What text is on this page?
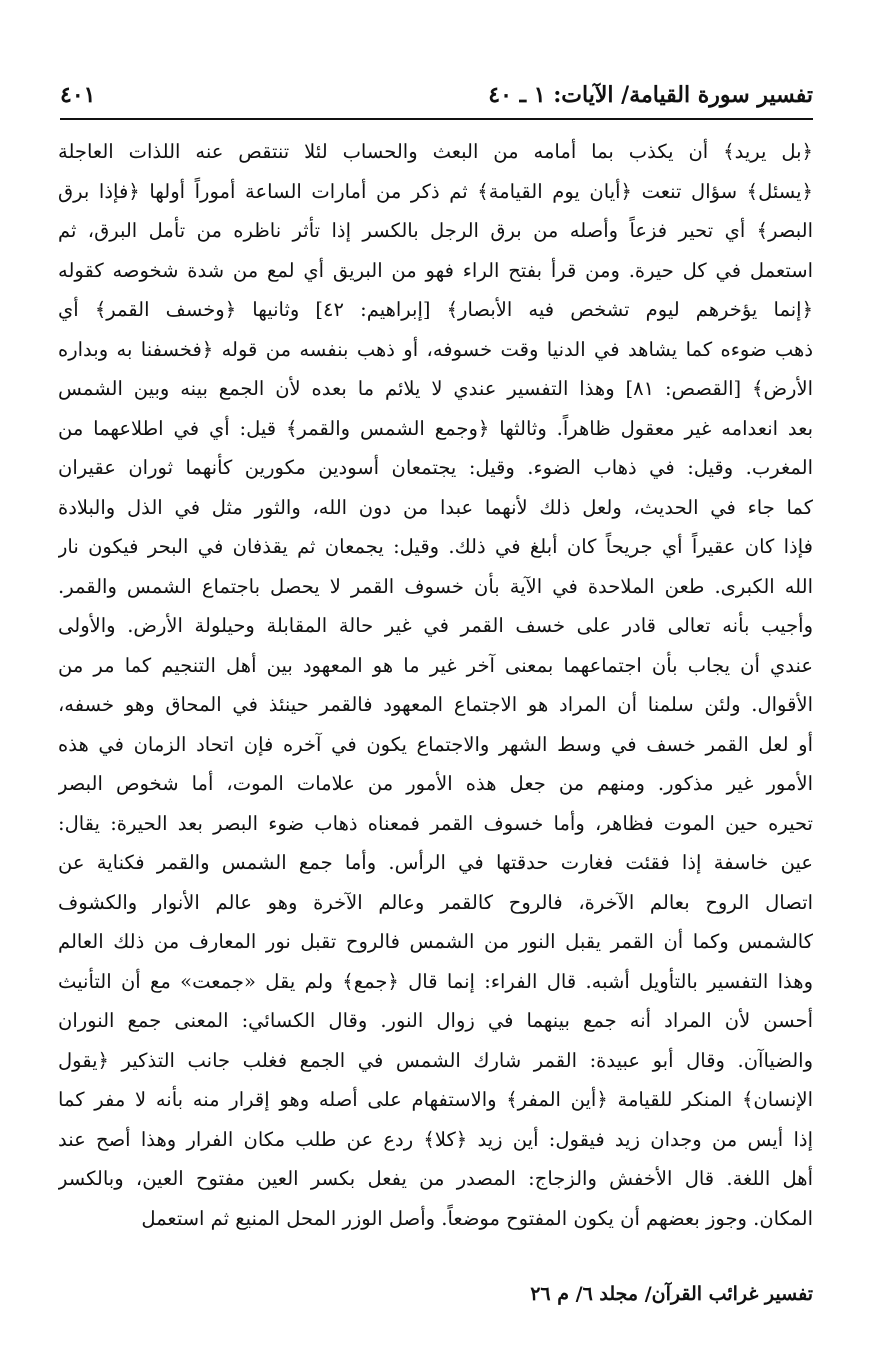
تفسير سورة القيامة/ الآيات: ١ ـ ٤٠
٤٠١
﴿بل يريد﴾ أن يكذب بما أمامه من البعث والحساب لئلا تنتقص عنه اللذات العاجلة
﴿يسئل﴾ سؤال تنعت ﴿أيان يوم القيامة﴾ ثم ذكر من أمارات الساعة أموراً أولها ﴿فإذا برق
البصر﴾ أي تحير فزعاً وأصله من برق الرجل بالكسر إذا تأثر ناظره من تأمل البرق، ثم
استعمل في كل حيرة. ومن قرأ بفتح الراء فهو من البريق أي لمع من شدة شخوصه كقوله
﴿إنما يؤخرهم ليوم تشخص فيه الأبصار﴾ [إبراهيم: ٤٢] وثانيها ﴿وخسف القمر﴾ أي
ذهب ضوءه كما يشاهد في الدنيا وقت خسوفه، أو ذهب بنفسه من قوله ﴿فخسفنا به وبداره
الأرض﴾ [القصص: ٨١] وهذا التفسير عندي لا يلائم ما بعده لأن الجمع بينه وبين الشمس
بعد انعدامه غير معقول ظاهراً. وثالثها ﴿وجمع الشمس والقمر﴾ قيل: أي في اطلاعهما من
المغرب. وقيل: في ذهاب الضوء. وقيل: يجتمعان أسودين مكورين كأنهما ثوران عقيران
كما جاء في الحديث، ولعل ذلك لأنهما عبدا من دون الله، والثور مثل في الذل والبلادة
فإذا كان عقيراً أي جريحاً كان أبلغ في ذلك. وقيل: يجمعان ثم يقذفان في البحر فيكون نار
الله الكبرى. طعن الملاحدة في الآية بأن خسوف القمر لا يحصل باجتماع الشمس والقمر.
وأجيب بأنه تعالى قادر على خسف القمر في غير حالة المقابلة وحيلولة الأرض. والأولى
عندي أن يجاب بأن اجتماعهما بمعنى آخر غير ما هو المعهود بين أهل التنجيم كما مر من
الأقوال. ولئن سلمنا أن المراد هو الاجتماع المعهود فالقمر حينئذ في المحاق وهو خسفه،
أو لعل القمر خسف في وسط الشهر والاجتماع يكون في آخره فإن اتحاد الزمان في هذه
الأمور غير مذكور. ومنهم من جعل هذه الأمور من علامات الموت، أما شخوص البصر
تحيره حين الموت فظاهر، وأما خسوف القمر فمعناه ذهاب ضوء البصر بعد الحيرة: يقال:
عين خاسفة إذا فقئت فغارت حدقتها في الرأس. وأما جمع الشمس والقمر فكناية عن
اتصال الروح بعالم الآخرة، فالروح كالقمر وعالم الآخرة وهو عالم الأنوار والكشوف
كالشمس وكما أن القمر يقبل النور من الشمس فالروح تقبل نور المعارف من ذلك العالم
وهذا التفسير بالتأويل أشبه. قال الفراء: إنما قال ﴿جمع﴾ ولم يقل «جمعت» مع أن التأنيث
أحسن لأن المراد أنه جمع بينهما في زوال النور. وقال الكسائي: المعنى جمع النوران
والضياآن. وقال أبو عبيدة: القمر شارك الشمس في الجمع فغلب جانب التذكير ﴿يقول
الإنسان﴾ المنكر للقيامة ﴿أين المفر﴾ والاستفهام على أصله وهو إقرار منه بأنه لا مفر كما
إذا أيس من وجدان زيد فيقول: أين زيد ﴿كلا﴾ ردع عن طلب مكان الفرار وهذا أصح عند
أهل اللغة. قال الأخفش والزجاج: المصدر من يفعل بكسر العين مفتوح العين، وبالكسر
المكان. وجوز بعضهم أن يكون المفتوح موضعاً. وأصل الوزر المحل المنيع ثم استعمل
تفسير غرائب القرآن/ مجلد ٦/ م ٢٦
